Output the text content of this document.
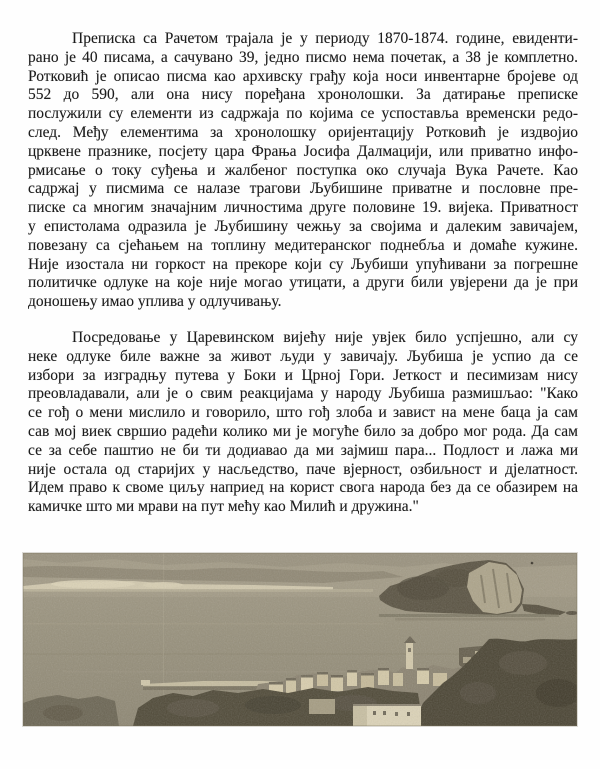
Преписка са Рачетом трајала је у периоду 1870-1874. године, евиденти-
рано је 40 писама, а сачувано 39, једно писмо нема почетак, а 38 је комплетно.
Ротковић је описао писма као архивску грађу која носи инвентарне бројеве од
552 до 590, али она нису поређана хронолошки. За датирање преписке
послужили су елементи из садржаја по којима се успоставља временски редо-
след. Међу елементима за хронолошку оријентацију Ротковић је издвојио
црквене празнике, посјету цара Фрања Јосифа Далмацији, или приватно инфо-
рмисање о току суђења и жалбеног поступка око случаја Вука Рачете. Као
садржај у писмима се налазе трагови Љубишине приватне и пословне пре-
писке са многим значајним личностима друге половине 19. вијека. Приватност
у епистолама одразила је Љубишину чежњу за својима и далеким завичајем,
повезану са сјећањем на топлину медитеранског поднебља и домаће кужине.
Није изостала ни горкост на прекоре који су Љубиши упућивани за погрешне
политичке одлуке на које није могао утицати, а други били увјерени да је при
доношењу имао уплива у одлучивању.

Посредовање у Царевинском вијећу није увјек било успјешно, али су
неке одлуке биле важне за живот људи у завичају. Љубиша је успио да се
избори за изградњу путева у Боки и Црној Гори. Јеткост и песимизам нису
преовладавали, али је о свим реакцијама у народу Љубиша размишљао: "Како
се гођ о мени мислило и говорило, што гођ злоба и завист на мене баца ја сам
сав мој виек свршио радећи колико ми је могуће било за добро мог рода. Да сам
се за себе паштио не би ти додиавао да ми зајмиш пара... Подлост и лажа ми
није остала од старијих у насљедство, паче вјерност, озбиљност и дјелатност.
Идем право к своме циљу наприед на корист свога народа без да се обазирем на
камичке што ми мрави на пут мећу као Милић и дружина."
